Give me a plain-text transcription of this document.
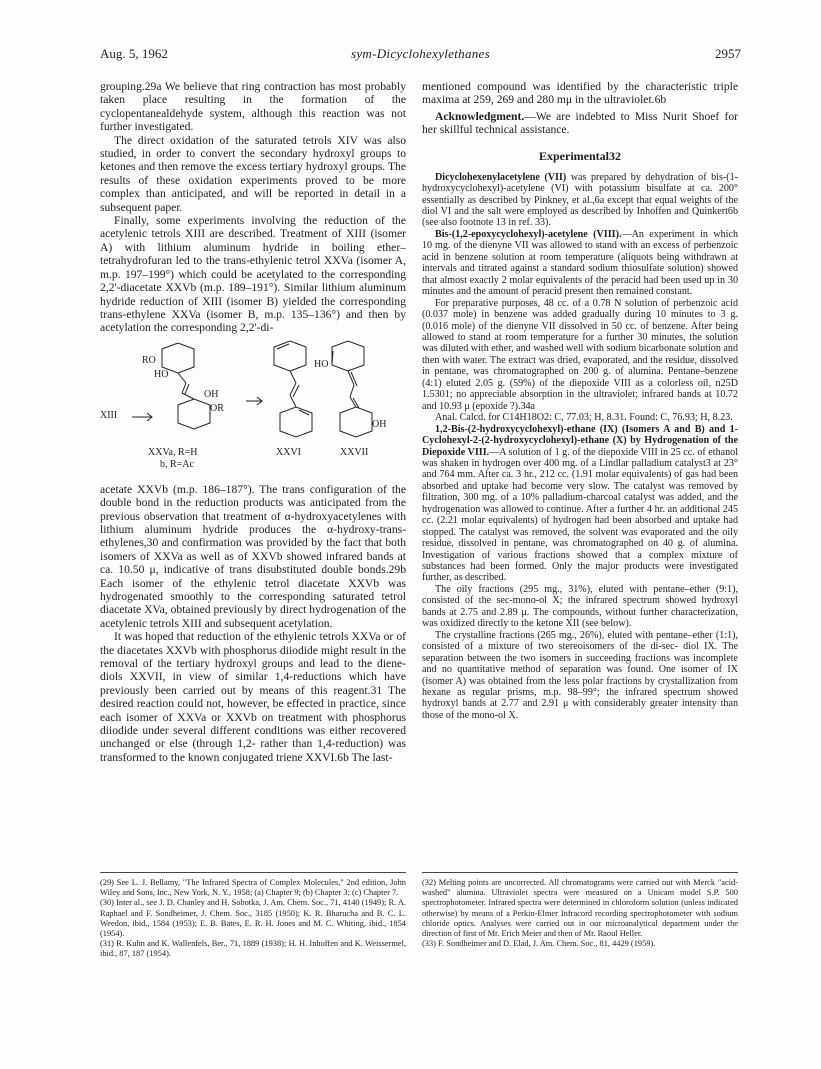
Aug. 5, 1962	sym-Dicyclohexylethanes	2957

grouping.29a We believe that ring contraction has most probably taken place resulting in the formation of the cyclopentanealdehyde system, although this reaction was not further investigated.

The direct oxidation of the saturated tetrols XIV was also studied, in order to convert the secondary hydroxyl groups to ketones and then remove the excess tertiary hydroxyl groups. The results of these oxidation experiments proved to be more complex than anticipated, and will be reported in detail in a subsequent paper.

Finally, some experiments involving the reduction of the acetylenic tetrols XIII are described. Treatment of XIII (isomer A) with lithium aluminum hydride in boiling ether–tetrahydrofuran led to the trans-ethylenic tetrol XXVa (isomer A, m.p. 197–199°) which could be acetylated to the corresponding 2,2'-diacetate XXVb (m.p. 189–191°). Similar lithium aluminum hydride reduction of XIII (isomer B) yielded the corresponding trans-ethylene XXVa (isomer B, m.p. 135–136°) and then by acetylation the corresponding 2,2'-di-

XIII
RO
HO
OH
OR
HO
OH
XXVa, R=H
b, R=Ac
XXVI	XXVII

acetate XXVb (m.p. 186–187°). The trans configuration of the double bond in the reduction products was anticipated from the previous observation that treatment of α-hydroxyacetylenes with lithium aluminum hydride produces the α-hydroxy-trans-ethylenes,30 and confirmation was provided by the fact that both isomers of XXVa as well as of XXVb showed infrared bands at ca. 10.50 μ, indicative of trans disubstituted double bonds.29b Each isomer of the ethylenic tetrol diacetate XXVb was hydrogenated smoothly to the corresponding saturated tetrol diacetate XVa, obtained previously by direct hydrogenation of the acetylenic tetrols XIII and subsequent acetylation.

It was hoped that reduction of the ethylenic tetrols XXVa or of the diacetates XXVb with phosphorus diiodide might result in the removal of the tertiary hydroxyl groups and lead to the diene-diols XXVII, in view of similar 1,4-reductions which have previously been carried out by means of this reagent.31 The desired reaction could not, however, be effected in practice, since each isomer of XXVa or XXVb on treatment with phosphorus diiodide under several different conditions was either recovered unchanged or else (through 1,2- rather than 1,4-reduction) was transformed to the known conjugated triene XXVI.6b The last-

mentioned compound was identified by the characteristic triple maxima at 259, 269 and 280 mμ in the ultraviolet.6b

Acknowledgment.—We are indebted to Miss Nurit Shoef for her skillful technical assistance.

Experimental32

Dicyclohexenylacetylene (VII) was prepared by dehydration of bis-(1-hydroxycyclohexyl)-acetylene (VI) with potassium bisulfate at ca. 200° essentially as described by Pinkney, et al.,6a except that equal weights of the diol VI and the salt were employed as described by Inhoffen and Quinkert6b (see also footnote 13 in ref. 33).

Bis-(1,2-epoxycyclohexyl)-acetylene (VIII).—An experiment in which 10 mg. of the dienyne VII was allowed to stand with an excess of perbenzoic acid in benzene solution at room temperature (aliquots being withdrawn at intervals and titrated against a standard sodium thiosulfate solution) showed that almost exactly 2 molar equivalents of the peracid had been used up in 30 minutes and the amount of peracid present then remained constant.

For preparative purposes, 48 cc. of a 0.78 N solution of perbenzoic acid (0.037 mole) in benzene was added gradually during 10 minutes to 3 g. (0.016 mole) of the dienyne VII dissolved in 50 cc. of benzene. After being allowed to stand at room temperature for a further 30 minutes, the solution was diluted with ether, and washed well with sodium bicarbonate solution and then with water. The extract was dried, evaporated, and the residue, dissolved in pentane, was chromatographed on 200 g. of alumina. Pentane–benzene (4:1) eluted 2.05 g. (59%) of the diepoxide VIII as a colorless oil, n25D 1.5301; no appreciable absorption in the ultraviolet; infrared bands at 10.72 and 10.93 μ (epoxide ?).34a

Anal. Calcd. for C14H18O2: C, 77.03; H, 8.31. Found: C, 76.93; H, 8.23.

1,2-Bis-(2-hydroxycyclohexyl)-ethane (IX) (Isomers A and B) and 1-Cyclohexyl-2-(2-hydroxycyclohexyl)-ethane (X) by Hydrogenation of the Diepoxide VIII.—A solution of 1 g. of the diepoxide VIII in 25 cc. of ethanol was shaken in hydrogen over 400 mg. of a Lindlar palladium catalyst3 at 23° and 764 mm. After ca. 3 hr., 212 cc. (1.91 molar equivalents) of gas had been absorbed and uptake had become very slow. The catalyst was removed by filtration, 300 mg. of a 10% palladium-charcoal catalyst was added, and the hydrogenation was allowed to continue. After a further 4 hr. an additional 245 cc. (2.21 molar equivalents) of hydrogen had been absorbed and uptake had stopped. The catalyst was removed, the solvent was evaporated and the oily residue, dissolved in pentane, was chromatographed on 40 g. of alumina. Investigation of various fractions showed that a complex mixture of substances had been formed. Only the major products were investigated further, as described.

The oily fractions (295 mg., 31%), eluted with pentane–ether (9:1), consisted of the sec-mono-ol X; the infrared spectrum showed hydroxyl bands at 2.75 and 2.89 μ. The compounds, without further characterization, was oxidized directly to the ketone XII (see below).

The crystalline fractions (265 mg., 26%), eluted with pentane–ether (1:1), consisted of a mixture of two stereoisomers of the di-sec- diol IX. The separation between the two isomers in succeeding fractions was incomplete and no quantitative method of separation was found. One isomer of IX (isomer A) was obtained from the less polar fractions by crystallization from hexane as regular prisms, m.p. 98–99°; the infrared spectrum showed hydroxyl bands at 2.77 and 2.91 μ with considerably greater intensity than those of the mono-ol X.

(29) See L. J. Bellamy, "The Infrared Spectra of Complex Molecules," 2nd edition, John Wiley and Sons, Inc., New York, N. Y., 1958; (a) Chapter 9; (b) Chapter 3; (c) Chapter 7.

(30) Inter al., see J. D. Chanley and H. Sobotka, J. Am. Chem. Soc., 71, 4140 (1949); R. A. Raphael and F. Sondheimer, J. Chem. Soc., 3185 (1950); K. R. Bharucha and B. C. L. Weedon, ibid., 1584 (1953); E. B. Bates, E. R. H. Jones and M. C. Whiting, ibid., 1854 (1954).

(31) R. Kuhn and K. Wallenfels, Ber., 71, 1889 (1938); H. H. Inhoffen and K. Weissermel, ibid., 87, 187 (1954).

(32) Melting points are uncorrected. All chromatograms were carried out with Merck "acid-washed" alumina. Ultraviolet spectra were measured on a Unicam model S.P. 500 spectrophotometer. Infrared spectra were determined in chloroform solution (unless indicated otherwise) by means of a Perkin-Elmer Infracord recording spectrophotometer with sodium chloride optics. Analyses were carried out in our microanalytical department under the direction of first of Mr. Erich Meier and then of Mr. Raoul Heller.

(33) F. Sondheimer and D. Elad, J. Am. Chem. Soc., 81, 4429 (1959).
